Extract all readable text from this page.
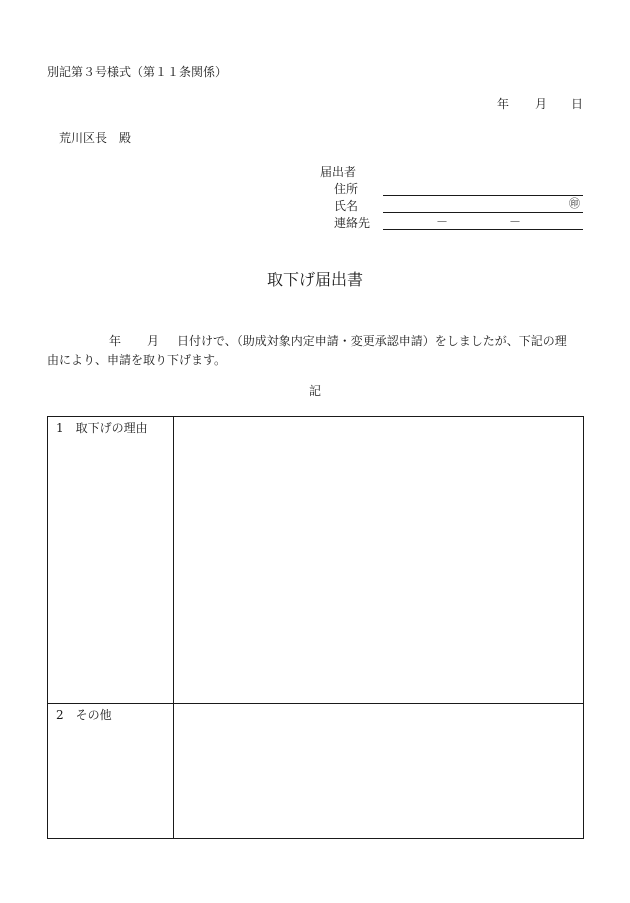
別記第３号様式（第１１条関係）
年 月 日
荒川区長　殿
届出者
住所
氏名	㊞
連絡先	－	－
取下げ届出書
年 月 日付けで、（助成対象内定申請・変更承認申請）をしましたが、下記の理
由により、申請を取り下げます。
記
1　取下げの理由
2　その他
